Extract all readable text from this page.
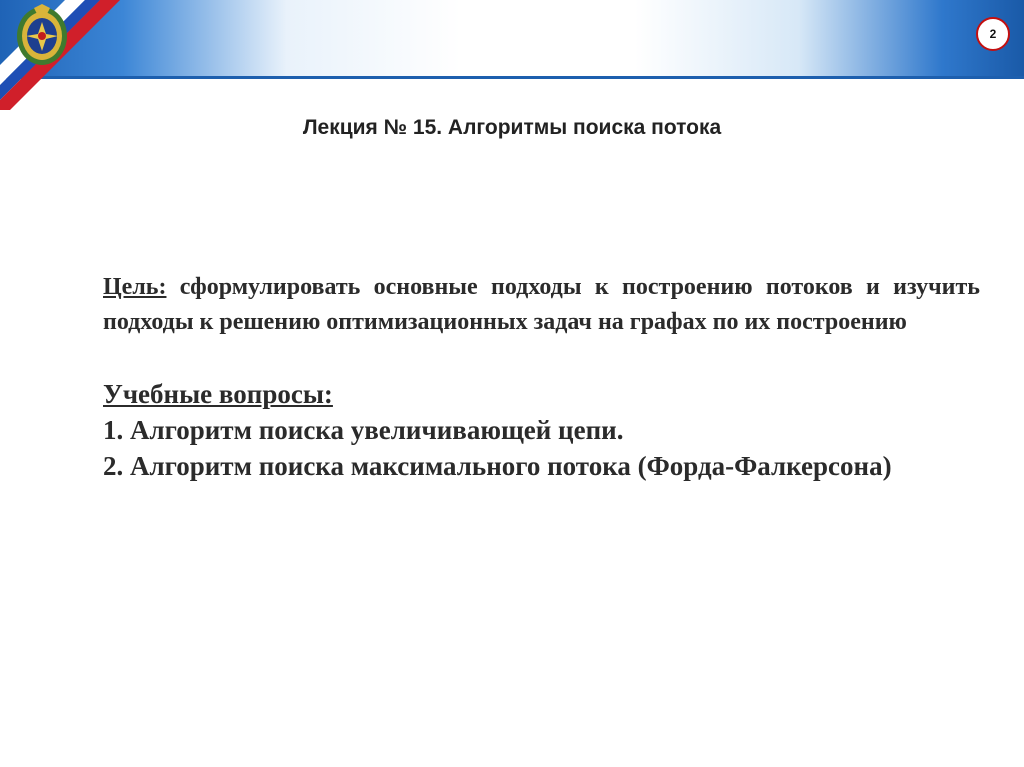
2
Лекция № 15. Алгоритмы поиска потока

Цель: сформулировать основные подходы к построению потоков и изучить подходы к решению оптимизационных задач на графах по их построению

Учебные вопросы:

1. Алгоритм поиска увеличивающей цепи.

2. Алгоритм поиска максимального потока (Форда-Фалкерсона)
